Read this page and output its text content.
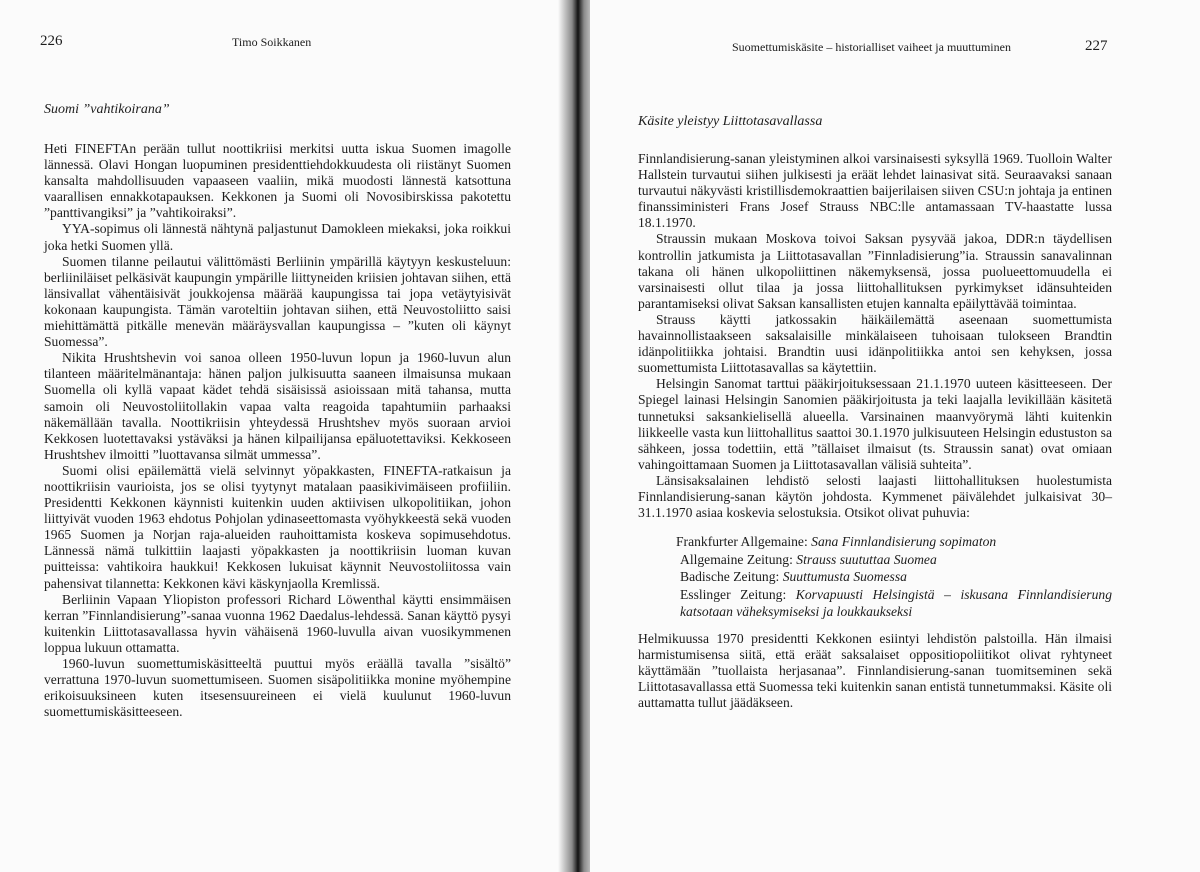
226	Timo Soikkanen
Suomi ”vahtikoirana”

Heti FINEFTAn perään tullut noottikriisi merkitsi uutta iskua Suomen imagolle lännessä. Olavi Hongan luopuminen presidenttiehdokkuudesta oli riistänyt Suomen kansalta mahdollisuuden vapaaseen vaaliin, mikä muodosti lännestä katsottuna vaarallisen ennakkotapauksen. Kekkonen ja Suomi oli Novosibirskissa pakotettu ”panttivangiksi” ja ”vahtikoiraksi”.

YYA-sopimus oli lännestä nähtynä paljastunut Damokleen miekaksi, joka roikkui joka hetki Suomen yllä.

Suomen tilanne peilautui välittömästi Berliinin ympärillä käytyyn keskusteluun: berliiniläiset pelkäsivät kaupungin ympärille liittyneiden kriisien johtavan siihen, että länsivallat vähentäisivät joukkojensa määrää kaupungissa tai jopa vetäytyisivät kokonaan kaupungista. Tämän varoteltiin johtavan siihen, että Neuvostoliitto saisi miehittämättä pitkälle menevän määräysvallan kaupungissa – ”kuten oli käynyt Suomessa”.

Nikita Hrushtshevin voi sanoa olleen 1950-luvun lopun ja 1960-luvun alun tilanteen määritelmänantaja: hänen paljon julkisuutta saaneen ilmaisunsa mukaan Suomella oli kyllä vapaat kädet tehdä sisäisissä asioissaan mitä tahansa, mutta samoin oli Neuvostoliitollakin vapaa valta reagoida tapahtumiin parhaaksi näkemällään tavalla. Noottikriisin yhteydessä Hrushtshev myös suoraan arvioi Kekkosen luotettavaksi ystäväksi ja hänen kilpailijansa epäluotettaviksi. Kekkoseen Hrushtshev ilmoitti ”luottavansa silmät ummessa”.

Suomi olisi epäilemättä vielä selvinnyt yöpakkasten, FINEFTA-ratkaisun ja noottikriisin vaurioista, jos se olisi tyytynyt matalaan paasikivimäiseen profiiliin. Presidentti Kekkonen käynnisti kuitenkin uuden aktiivisen ulkopolitiikan, johon liittyivät vuoden 1963 ehdotus Pohjolan ydinaseettomasta vyöhykkeestä sekä vuoden 1965 Suomen ja Norjan raja-alueiden rauhoittamista koskeva sopimusehdotus. Lännessä nämä tulkittiin laajasti yöpakkasten ja noottikriisin luoman kuvan puitteissa: vahtikoira haukkui! Kekkosen lukuisat käynnit Neuvostoliitossa vain pahensivat tilannetta: Kekkonen kävi käskynjaolla Kremlissä.

Berliinin Vapaan Yliopiston professori Richard Löwenthal käytti ensimmäisen kerran ”Finnlandisierung”-sanaa vuonna 1962 Daedalus-lehdessä. Sanan käyttö pysyi kuitenkin Liittotasavallassa hyvin vähäisenä 1960-luvulla aivan vuosikymmenen loppua lukuun ottamatta.

1960-luvun suomettumiskäsitteeltä puuttui myös eräällä tavalla ”sisältö” verrattuna 1970-luvun suomettumiseen. Suomen sisäpolitiikka monine myöhempine erikoisuuksineen kuten itsesensuureineen ei vielä kuulunut 1960-luvun suomettumiskäsitteeseen.

Suomettumiskäsite – historialliset vaiheet ja muuttuminen	227
Käsite yleistyy Liittotasavallassa

Finnlandisierung-sanan yleistyminen alkoi varsinaisesti syksyllä 1969. Tuolloin Walter Hallstein turvautui siihen julkisesti ja eräät lehdet lainasivat sitä. Seuraavaksi sanaan turvautui näkyvästi kristillisdemokraattien baijerilaisen siiven CSU:n johtaja ja entinen finanssiministeri Frans Josef Strauss NBC:lle antamassaan TV-haastatte lussa 18.1.1970.

Straussin mukaan Moskova toivoi Saksan pysyvää jakoa, DDR:n täydellisen kontrollin jatkumista ja Liittotasavallan ”Finnladisierung”ia. Straussin sanavalinnan takana oli hänen ulkopoliittinen näkemyksensä, jossa puolueettomuudella ei varsinaisesti ollut tilaa ja jossa liittohallituksen pyrkimykset idänsuhteiden parantamiseksi olivat Saksan kansallisten etujen kannalta epäilyttävää toimintaa.

Strauss käytti jatkossakin häikäilemättä aseenaan suomettumista havainnollistaakseen saksalaisille minkälaiseen tuhoisaan tulokseen Brandtin idänpolitiikka johtaisi. Brandtin uusi idänpolitiikka antoi sen kehyksen, jossa suomettumista Liittotasavallas sa käytettiin.

Helsingin Sanomat tarttui pääkirjoituksessaan 21.1.1970 uuteen käsitteeseen. Der Spiegel lainasi Helsingin Sanomien pääkirjoitusta ja teki laajalla levikillään käsitetä tunnetuksi saksankielisellä alueella. Varsinainen maanvyörymä lähti kuitenkin liikkeelle vasta kun liittohallitus saattoi 30.1.1970 julkisuuteen Helsingin edustuston sa sähkeen, jossa todettiin, että ”tällaiset ilmaisut (ts. Straussin sanat) ovat omiaan vahingoittamaan Suomen ja Liittotasavallan välisiä suhteita”.

Länsisaksalainen lehdistö selosti laajasti liittohallituksen huolestumista Finnlandisierung-sanan käytön johdosta. Kymmenet päivälehdet julkaisivat 30–31.1.1970 asiaa koskevia selostuksia. Otsikot olivat puhuvia:

Frankfurter Allgemaine: Sana Finnlandisierung sopimaton
Allgemaine Zeitung: Strauss suututtaa Suomea
Badische Zeitung: Suuttumusta Suomessa
Esslinger Zeitung: Korvapuusti Helsingistä – iskusana Finnlandisierung katsotaan väheksymiseksi ja loukkaukseksi

Helmikuussa 1970 presidentti Kekkonen esiintyi lehdistön palstoilla. Hän ilmaisi harmistumisensa siitä, että eräät saksalaiset oppositiopoliitikot olivat ryhtyneet käyttämään ”tuollaista herjasanaa”. Finnlandisierung-sanan tuomitseminen sekä Liittotasavallassa että Suomessa teki kuitenkin sanan entistä tunnetummaksi. Käsite oli auttamatta tullut jäädäkseen.
